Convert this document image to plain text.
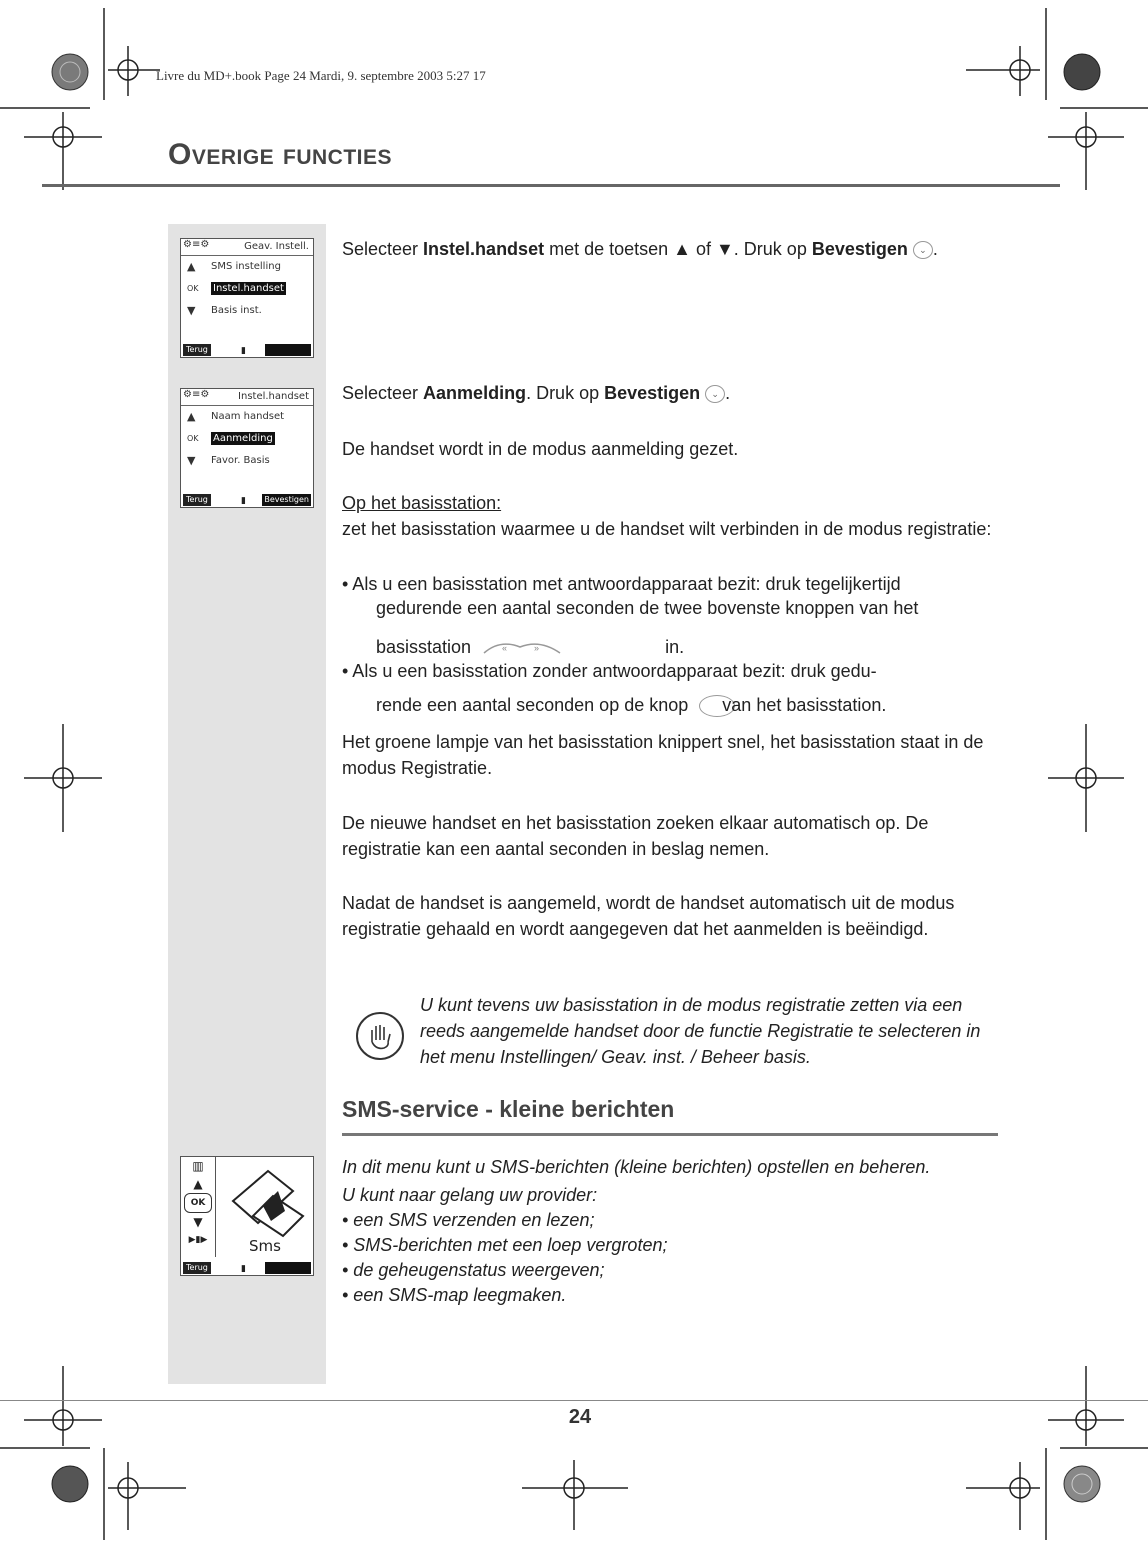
Livre du MD+.book Page 24 Mardi, 9. septembre 2003 5:27 17
Overige functies
⚙≡⚙	Geav. Instell.
▲ SMS instelling
OK Instel.handset
▼ Basis inst.
Terug	▮
⚙≡⚙	Instel.handset
▲ Naam handset
OK Aanmelding
▼ Favor. Basis
Terug	▮ Bevestigen
▥
▲
OK
▼
▶▮▶	Sms
Terug	▮
Selecteer Instel.handset met de toetsen ▲ of ▼. Druk op Bevestigen ⌄ .
Selecteer Aanmelding. Druk op Bevestigen ⌄ .
De handset wordt in de modus aanmelding gezet.
Op het basisstation:
zet het basisstation waarmee u de handset wilt verbinden in de modus registratie:
• Als u een basisstation met antwoordapparaat bezit: druk tegelijkertijd
gedurende een aantal seconden de twee bovenste knoppen van het
basisstation	«	»	in.
• Als u een basisstation zonder antwoordapparaat bezit: druk gedu-
rende een aantal seconden op de knop van het basisstation.
Het groene lampje van het basisstation knippert snel, het basisstation staat in de modus Registratie.
De nieuwe handset en het basisstation zoeken elkaar automatisch op. De registratie kan een aantal seconden in beslag nemen.
Nadat de handset is aangemeld, wordt de handset automatisch uit de modus registratie gehaald en wordt aangegeven dat het aanmelden is beëindigd.
U kunt tevens uw basisstation in de modus registratie zetten via een reeds aangemelde handset door de functie Registratie te selecteren in het menu Instellingen/ Geav. inst. / Beheer basis.
SMS-service - kleine berichten
In dit menu kunt u SMS-berichten (kleine berichten) opstellen en beheren.
U kunt naar gelang uw provider:
• een SMS verzenden en lezen;
• SMS-berichten met een loep vergroten;
• de geheugenstatus weergeven;
• een SMS-map leegmaken.
24
